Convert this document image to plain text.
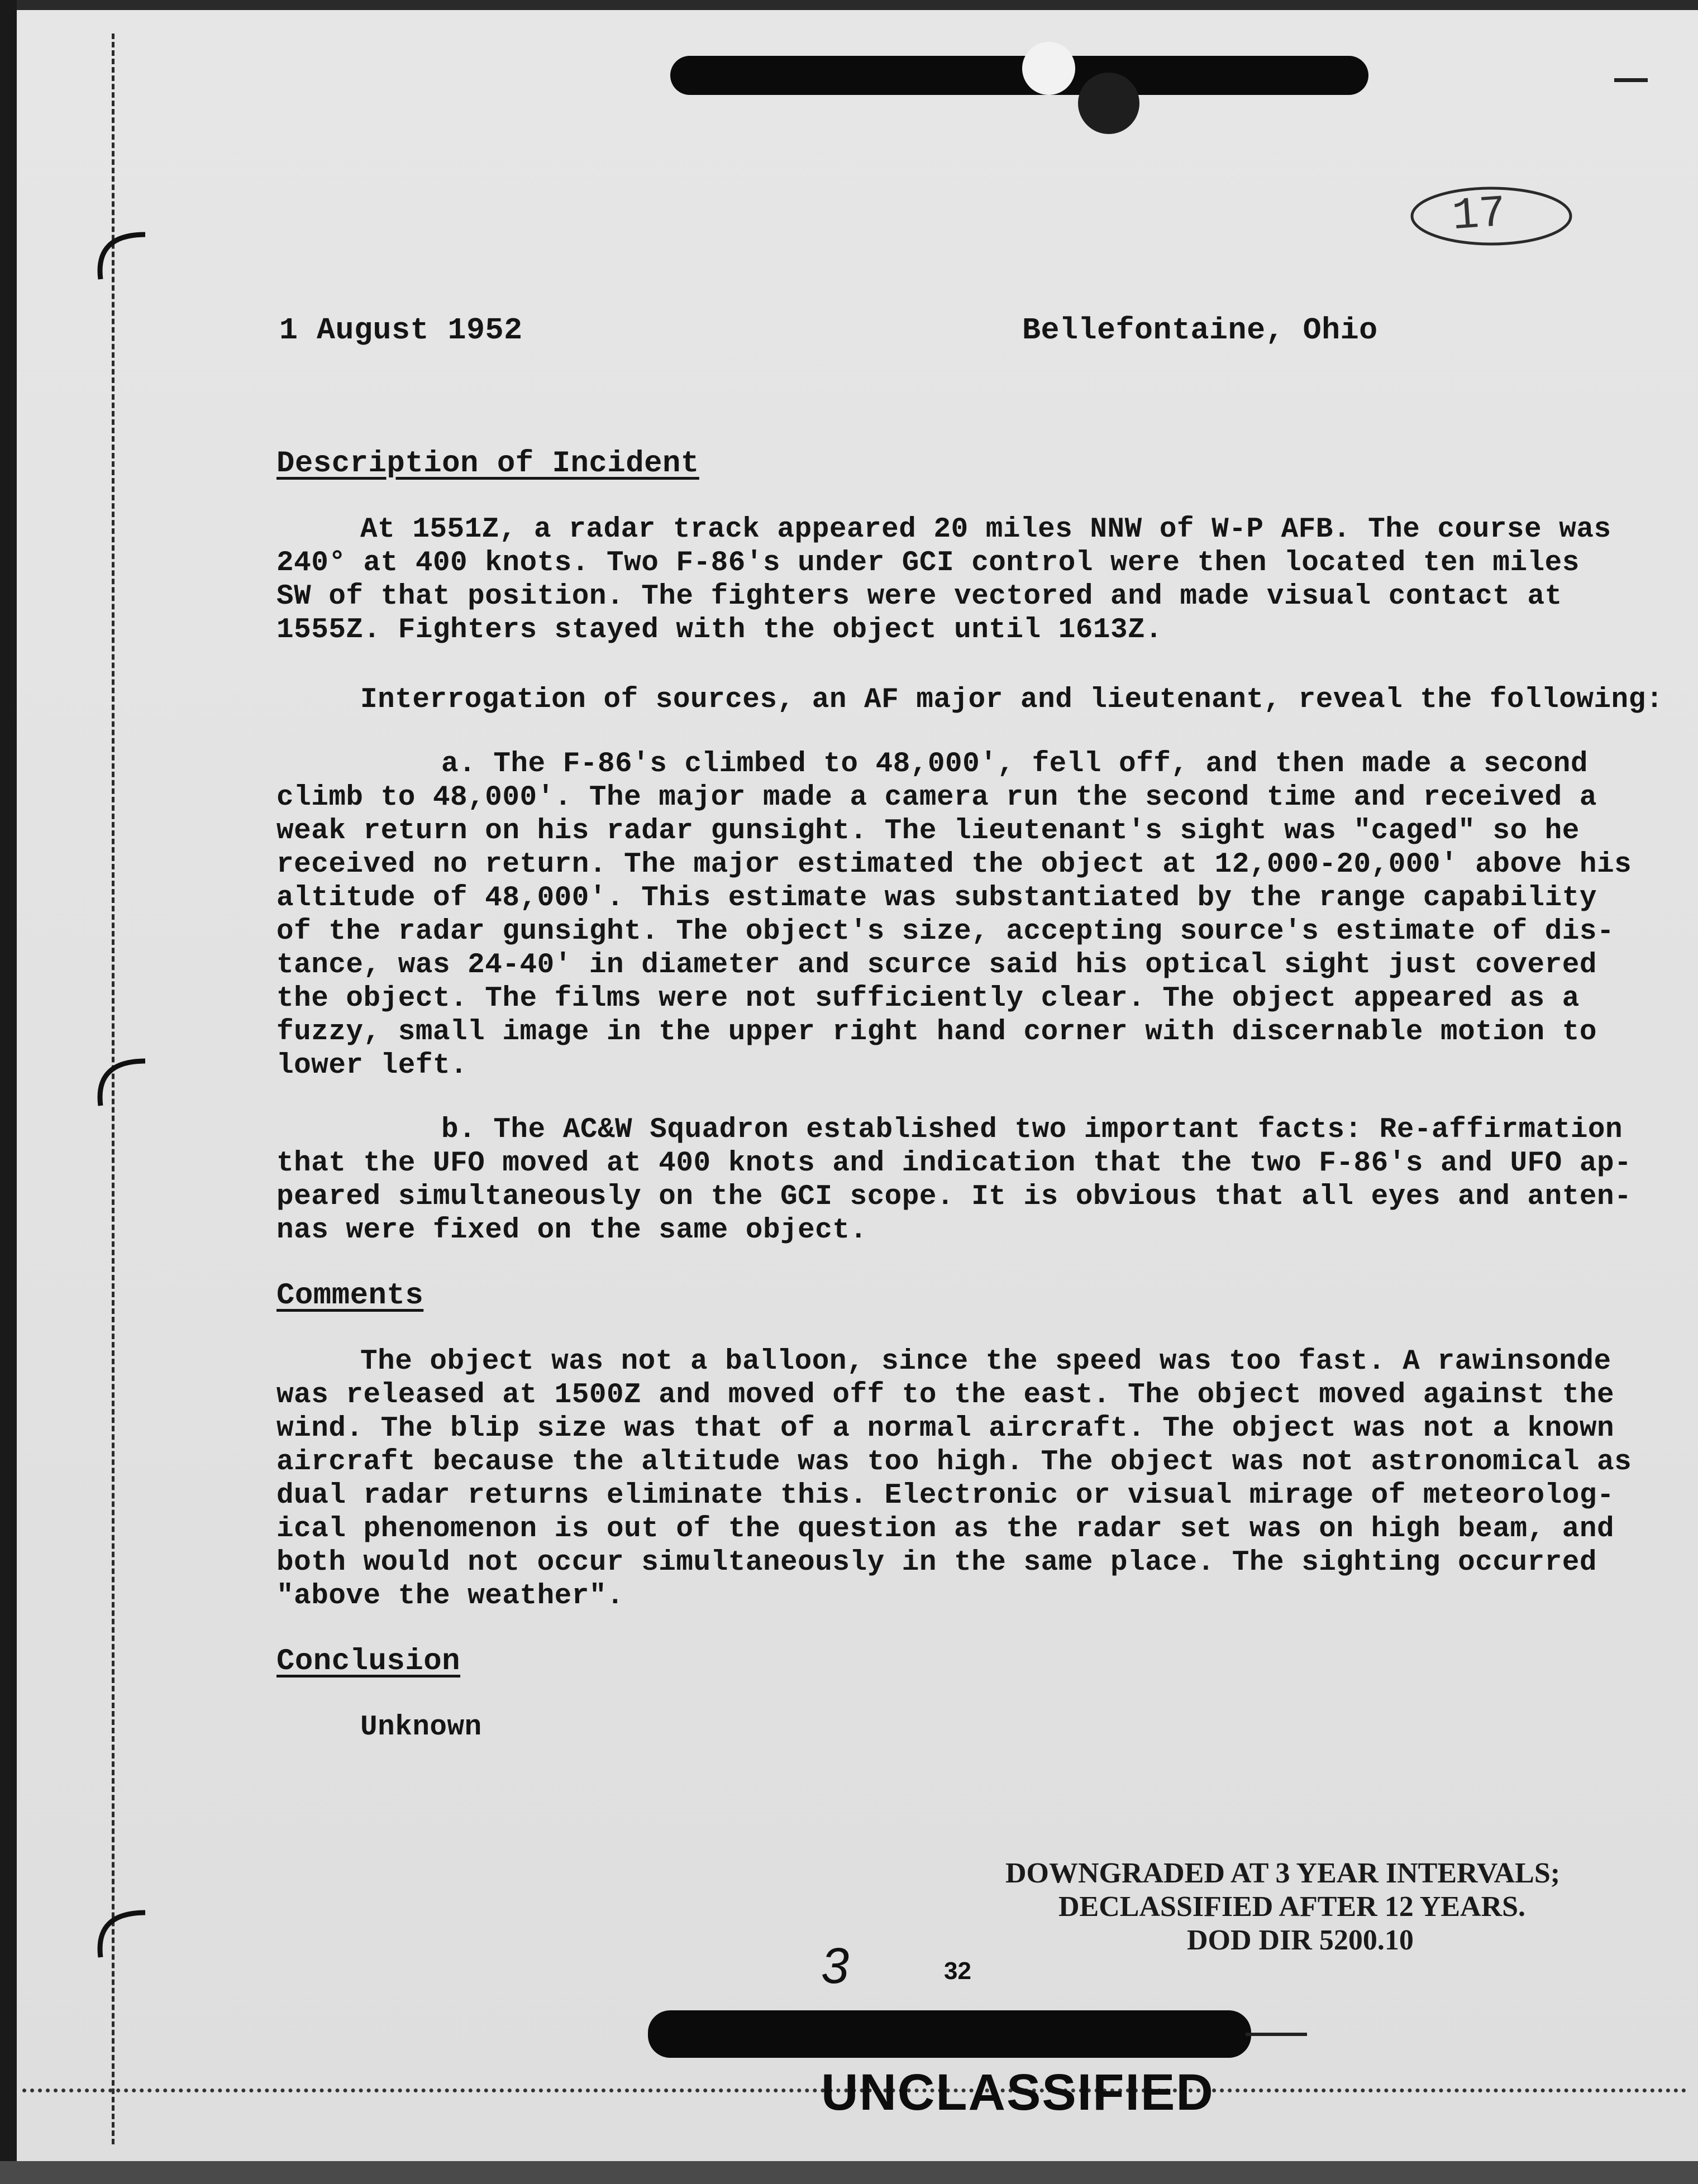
17
1 August 1952	Bellefontaine, Ohio
Description of Incident
At 1551Z, a radar track appeared 20 miles NNW of W-P AFB. The course was
240° at 400 knots. Two F-86's under GCI control were then located ten miles
SW of that position. The fighters were vectored and made visual contact at
1555Z. Fighters stayed with the object until 1613Z.
Interrogation of sources, an AF major and lieutenant, reveal the following:
a. The F-86's climbed to 48,000', fell off, and then made a second
climb to 48,000'. The major made a camera run the second time and received a
weak return on his radar gunsight. The lieutenant's sight was "caged" so he
received no return. The major estimated the object at 12,000-20,000' above his
altitude of 48,000'. This estimate was substantiated by the range capability
of the radar gunsight. The object's size, accepting source's estimate of dis-
tance, was 24-40' in diameter and scurce said his optical sight just covered
the object. The films were not sufficiently clear. The object appeared as a
fuzzy, small image in the upper right hand corner with discernable motion to
lower left.
b. The AC&W Squadron established two important facts: Re-affirmation
that the UFO moved at 400 knots and indication that the two F-86's and UFO ap-
peared simultaneously on the GCI scope. It is obvious that all eyes and anten-
nas were fixed on the same object.
Comments
The object was not a balloon, since the speed was too fast. A rawinsonde
was released at 1500Z and moved off to the east. The object moved against the
wind. The blip size was that of a normal aircraft. The object was not a known
aircraft because the altitude was too high. The object was not astronomical as
dual radar returns eliminate this. Electronic or visual mirage of meteorolog-
ical phenomenon is out of the question as the radar set was on high beam, and
both would not occur simultaneously in the same place. The sighting occurred
"above the weather".
Conclusion
Unknown
DOWNGRADED AT 3 YEAR INTERVALS;
DECLASSIFIED AFTER 12 YEARS.
DOD DIR 5200.10
3	32
UNCLASSIFIED
